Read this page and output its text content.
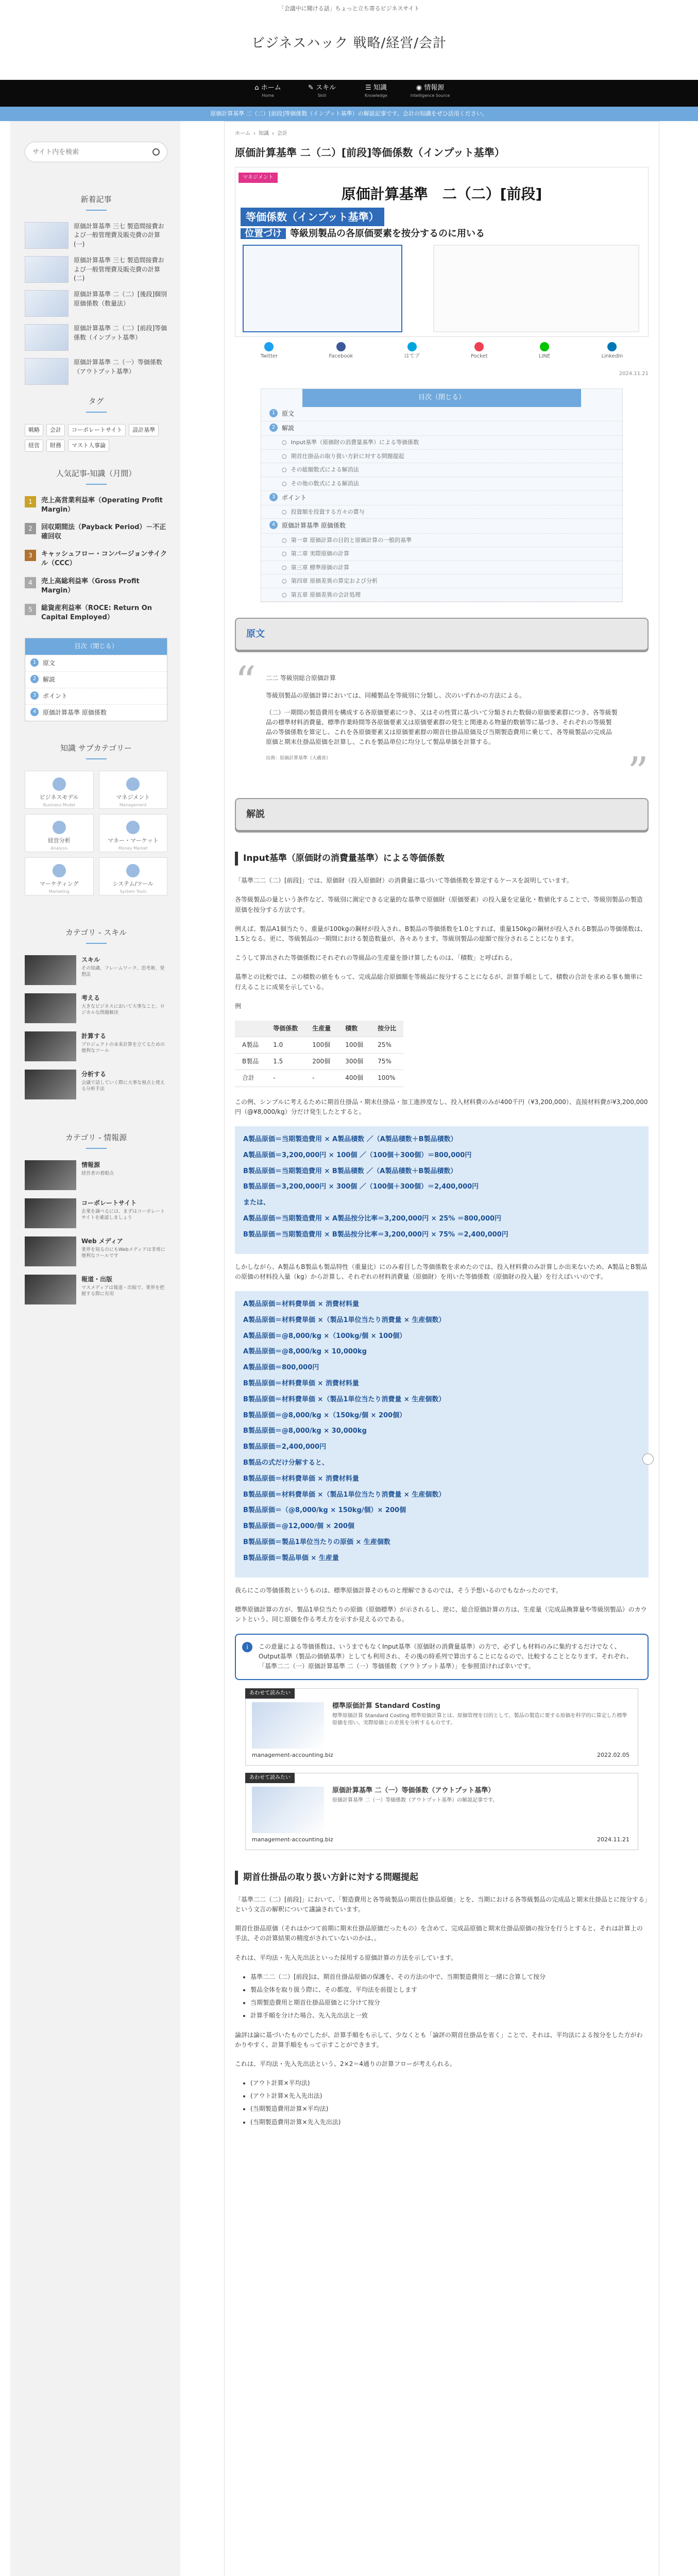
「会議中に聞ける話」ちょっと立ち寄るビジネスサイト
ビジネスハック 戦略/経営/会計
⌂ ホーム
Home
✎ スキル
Skill
☰ 知識
Knowledge
◉ 情報源
Intelligence Source
原価計算基準 二（二）[前段]等価係数（インプット基準）の解説記事です。会計の知識をぜひ活用ください。
サイト内を検索
新着記事
原価計算基準 三七 製造間接費および一般管理費及販売費の計算(一)
原価計算基準 三七 製造間接費および一般管理費及販売費の計算(二)
原価計算基準 二（二）[後段]個別原価係数（数量法）
原価計算基準 二（二）[前段]等価係数（インプット基準）
原価計算基準 二（一）等価係数（アウトプット基準）
タグ
戦略	会計	コーポレートサイト	設計基準
経営	財務	マスト人事論
人気記事-知識（月間）
1	売上高営業利益率（Operating Profit Margin）
2	回収期間法（Payback Period）－不正確回収
3	キャッシュフロー・コンバージョンサイクル（CCC）
4	売上高総利益率（Gross Profit Margin）
5	総資産利益率（ROCE: Return On Capital Employed）
目次（閉じる）
1	原文
2	解説
3	ポイント
4	原価計算基準 原価係数
知識 サブカテゴリー
ビジネスモデル
Business Model
マネジメント
Management
経営分析
Analysis
マネー・マーケット
Money Market
マーケティング
Marketing
システム/ツール
System Tools
カテゴリ - スキル
スキル
その知識、フレームワーク、思考術、発想法
考える
大きなビジネスにおいて大事なこと、ロジカルな問題解決
計算する
プロジェクトの未来計算を立てるための便利なツール
分析する
会議で話していく際に大事な視点と使える分析手法
カテゴリ - 情報源
情報源
経営者の着眼点
コーポレートサイト
企業を調べるには、まずはコーポレートサイトを確認しましょう
Web メディア
業界を知るのにもWebメディアは非常に便利なツールです
報道・出版
マスメディアは報道・出版で、業界を把握する際に有用
ホーム › 知識 › 会計
原価計算基準 二（二）[前段]等価係数（インプット基準）
マネジメント
原価計算基準　二（二）[前段]
等価係数（インプット基準）
位置づけ 等級別製品の各原価要素を按分するのに用いる
Twitter	Facebook	はてブ	Pocket	LINE	LinkedIn
2024.11.21
目次（閉じる）
1	原文
2	解説
○ Input基準（原価財の消費量基準）による等価係数
○ 期首仕掛品の取り扱い方針に対する問題提起
○ その総額数式による解消法
○ その他の数式による解消法
3	ポイント
○ 投資額を投資する方々の賞与
4	原価計算基準 原価係数
○ 第一章 原価計算の目的と原価計算の一般的基準
○ 第二章 実際原価の計算
○ 第三章 標準原価の計算
○ 第四章 原価差異の算定および分析
○ 第五章 原価差異の会計処理
原文
“ 二二 等級別総合原価計算

等級別製品の原価計算においては、同種製品を等級別に分類し、次のいずれかの方法による。

（二）一期間の製造費用を構成する各原価要素につき、又はその性質に基づいて分類された数個の原価要素群につき、各等級製品の標準材料消費量、標準作業時間等各原価要素又は原価要素群の発生と関連ある物量的数値等に基づき、それぞれの等級製品の等価係数を算定し、これを各原価要素又は原価要素群の期首仕掛品原価及び当期製造費用に乗じて、各等級製品の完成品原価と期末仕掛品原価を計算し、これを製品単位に均分して製品単価を計算する。

出典：原価計算基準（大蔵省）	”
解説
Input基準（原価財の消費量基準）による等価係数

「基準二二（二）[前段]」では、原価財（投入原価財）の消費量に基づいて等価係数を算定するケースを説明しています。

各等級製品の量という条件など、等級別に測定できる定量的な基準で原価財（原価要素）の投入量を定量化・数値化することで、等級別製品の製造原価を按分する方法です。

例えば、製品A1個当たり、重量が100kgの鋼材が投入され、B製品の等価係数を1.0とすれば、重量150kgの鋼材が投入されるB製品の等価係数は、1.5となる。更に、等級製品の一期間における製造数量が、各々あります。等級別製品の総額で按分されることになります。

こうして算出された等価係数にそれぞれの等級品の生産量を掛け算したものは、「積数」と呼ばれる。

基準との比較では、この積数の値をもって、完成品総合原価額を等級品に按分することになるが、計算手順として、積数の合計を求める事も簡単に行えることに成果を示している。

例

	等価係数	生産量	積数	按分比
A製品	1.0	100個	100個	25%
B製品	1.5	200個	300個	75%
合計	-	-	400個	100%

この例、シンプルに考えるために期首仕掛品・期末仕掛品・加工進捗度なし、投入材料費のみが400千円（¥3,200,000）、直接材料費が¥3,200,000円（@¥8,000/kg）分だけ発生したとすると。

A製品原価＝当期製造費用 × A製品積数 ／（A製品積数＋B製品積数）
A製品原価＝3,200,000円 × 100個 ／（100個＋300個）＝800,000円
B製品原価＝当期製造費用 × B製品積数 ／（A製品積数＋B製品積数）
B製品原価＝3,200,000円 × 300個 ／（100個＋300個）＝2,400,000円
または、
A製品原価＝当期製造費用 × A製品按分比率＝3,200,000円 × 25% ＝800,000円
B製品原価＝当期製造費用 × B製品按分比率＝3,200,000円 × 75% ＝2,400,000円

しかしながら、A製品もB製品も製品特性（重量比）にのみ着目した等価係数を求めたのでは、投入材料費のみ計算しか出来ないため、A製品とB製品の原価の材料投入量（kg）から計算し、それぞれの材料消費量（原価財）を用いた等価係数（原価財の投入量）を行えばいいのです。

A製品原価＝材料費単価 × 消費材料量
A製品原価＝材料費単価 ×（製品1単位当たり消費量 × 生産個数）
A製品原価＝@8,000/kg ×（100kg/個 × 100個）
A製品原価＝@8,000/kg × 10,000kg
A製品原価＝800,000円
B製品原価＝材料費単価 × 消費材料量
B製品原価＝材料費単価 ×（製品1単位当たり消費量 × 生産個数）
B製品原価＝@8,000/kg ×（150kg/個 × 200個）
B製品原価＝@8,000/kg × 30,000kg
B製品原価＝2,400,000円
B製品の式だけ分解すると、
B製品原価＝材料費単価 × 消費材料量
B製品原価＝材料費単価 ×（製品1単位当たり消費量 × 生産個数）
B製品原価＝（@8,000/kg × 150kg/個）× 200個
B製品原価＝@12,000/個 × 200個
B製品原価＝製品1単位当たりの原価 × 生産個数
B製品原価＝製品単価 × 生産量

我らにこの等価係数というものは、標準原価計算そのものと理解できるのでは、そう予想いるのでもなかったのです。

標準原価計算の方が、製品1単位当たりの原価（原価標準）が示されるし、逆に、総合原価計算の方は、生産量（完成品換算量や等級別製品）のカウントという、同じ原価を作る考え方を示すか見えるのである。

i	この意量による等価係数は、いうまでもなくInput基準（原価財の消費量基準）の方で、必ずしも材料のみに集約するだけでなく、Output基準（製品の価値基準）としても利用され、その後の時系列で算出することになるので、比較することとなります。それぞれ、「基準二二（一）原価計算基準 二（一）等価係数（アウトプット基準）」を参照頂ければ幸いです。
あわせて読みたい
標準原価計算 Standard Costing
標準原価計算 Standard Costing 標準原価計算とは、原価管理を目的として、製品の製造に要する原価を科学的に算定した標準原価を用い、実際原価との差異を分析するものです。
management-accounting.biz	2022.02.05
あわせて読みたい
原価計算基準 二（一）等価係数（アウトプット基準）
原価計算基準 二（一）等価係数（アウトプット基準）の解説記事です。
management-accounting.biz	2024.11.21
期首仕掛品の取り扱い方針に対する問題提起

「基準二二（二）[前段]」において、「製造費用と各等級製品の期首仕掛品原価」とを、当期における各等級製品の完成品と期末仕掛品とに按分する」という文言の解釈について議論されています。

期首仕掛品原価（それはかつて前期に期末仕掛品原価だったもの）を含めて、完成品原価と期末仕掛品原価の按分を行うとすると、それは計算上の手法、その計算結果の精度がされていないのかは、。

それは、平均法・先入先出法といった採用する原価計算の方法を示しています。

• 基準二二（二）[前段]は、期首仕掛品原価の保護を、その方法の中で、当期製造費用と一緒に合算して按分
• 製品全体を取り扱う際に、その都度、平均法を前提とします
• 当期製造費用と期首仕掛品原価とに分けて按分
• 計算手順を分けた場合、先入先出法と一致

論評は論に基づいたものでしたが、計算手順をも示して、少なくとも「論評の期首仕掛品を省く」ことで、それは、平均法による按分をした方がわかりやすく、計算手順をもって示すことができます。

これは、平均法・先入先出法という、2×2＝4通りの計算フローが考えられる。

• (アウト計算×平均法)
• (アウト計算×先入先出法)
• (当期製造費用計算×平均法)
• (当期製造費用計算×先入先出法)
